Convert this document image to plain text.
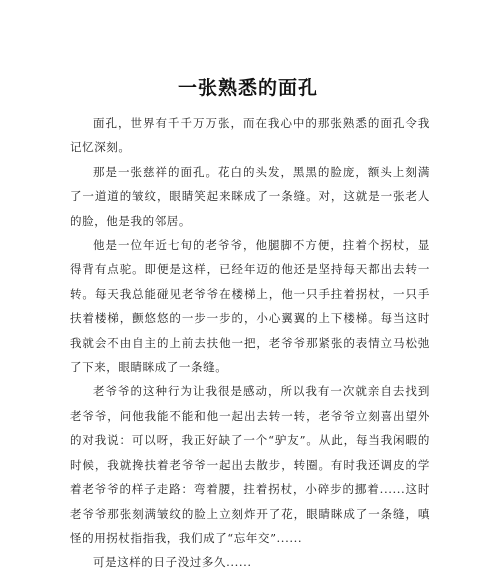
一张熟悉的面孔

面孔，世界有千千万万张，而在我心中的那张熟悉的面孔令我记忆深刻。

那是一张慈祥的面孔。花白的头发，黑黑的脸庞，额头上刻满了一道道的皱纹，眼睛笑起来眯成了一条缝。对，这就是一张老人的脸，他是我的邻居。

他是一位年近七旬的老爷爷，他腿脚不方便，拄着个拐杖，显得背有点驼。即便是这样，已经年迈的他还是坚持每天都出去转一转。每天我总能碰见老爷爷在楼梯上，他一只手拄着拐杖，一只手扶着楼梯，颤悠悠的一步一步的，小心翼翼的上下楼梯。每当这时我就会不由自主的上前去扶他一把，老爷爷那紧张的表情立马松弛了下来，眼睛眯成了一条缝。

老爷爷的这种行为让我很是感动，所以我有一次就亲自去找到老爷爷，问他我能不能和他一起出去转一转，老爷爷立刻喜出望外的对我说：可以呀，我正好缺了一个“驴友”。从此，每当我闲暇的时候，我就搀扶着老爷爷一起出去散步，转圈。有时我还调皮的学着老爷爷的样子走路：弯着腰，拄着拐杖，小碎步的挪着......这时老爷爷那张刻满皱纹的脸上立刻炸开了花，眼睛眯成了一条缝，嗔怪的用拐杖指指我，我们成了“忘年交”......

可是这样的日子没过多久......
